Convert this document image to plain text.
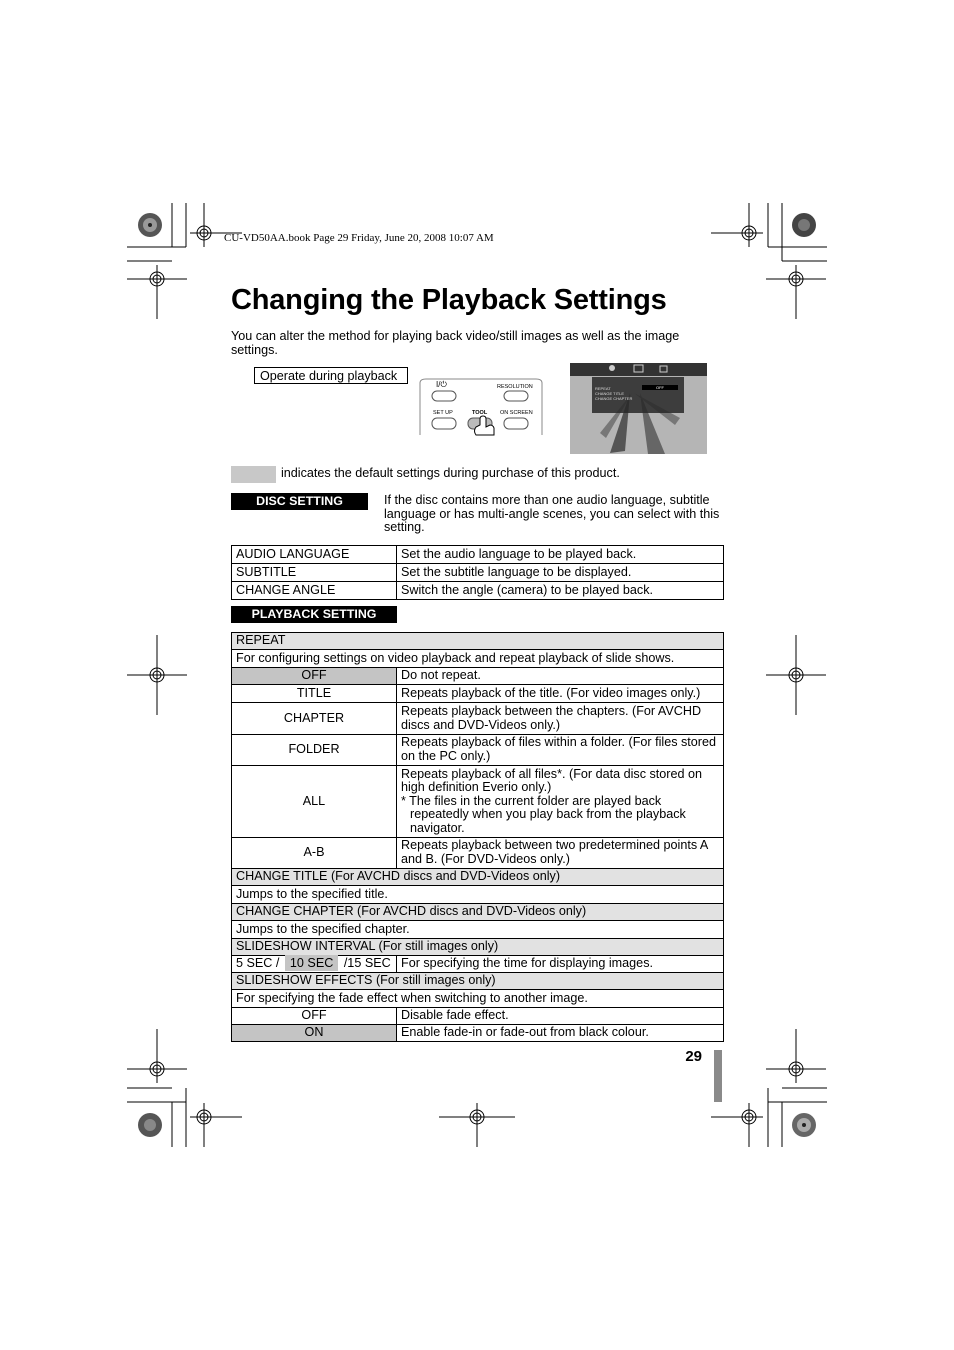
CU-VD50AA.book Page 29 Friday, June 20, 2008 10:07 AM
Changing the Playback Settings
You can alter the method for playing back video/still images as well as the image settings.
Operate during playback
I/⏻	RESOLUTION
SET UP	TOOL ON SCREEN
REPEAT
CHANGE TITLE
CHANGE CHAPTER
OFF
indicates the default settings during purchase of this product.
DISC SETTING	If the disc contains more than one audio language, subtitle language or has multi-angle scenes, you can select with this setting.
AUDIO LANGUAGE	Set the audio language to be played back.
SUBTITLE	Set the subtitle language to be displayed.
CHANGE ANGLE	Switch the angle (camera) to be played back.
PLAYBACK SETTING
REPEAT	
For configuring settings on video playback and repeat playback of slide shows.	
OFF	Do not repeat.
TITLE	Repeats playback of the title. (For video images only.)
CHAPTER	Repeats playback between the chapters. (For AVCHD discs and DVD-Videos only.)
FOLDER	Repeats playback of files within a folder. (For files stored on the PC only.)
ALL	Repeats playback of all files*. (For data disc stored on high definition Everio only.)
* The files in the current folder are played back repeatedly when you play back from the playback navigator.

A-B	Repeats playback between two predetermined points A and B. (For DVD-Videos only.)
CHANGE TITLE (For AVCHD discs and DVD-Videos only)	
Jumps to the specified title.	
CHANGE CHAPTER (For AVCHD discs and DVD-Videos only)	
Jumps to the specified chapter.	
SLIDESHOW INTERVAL (For still images only)	
5 SEC / 10 SEC /15 SEC	For specifying the time for displaying images.
SLIDESHOW EFFECTS (For still images only)	
For specifying the fade effect when switching to another image.	
OFF	Disable fade effect.
ON	Enable fade-in or fade-out from black colour.
29
